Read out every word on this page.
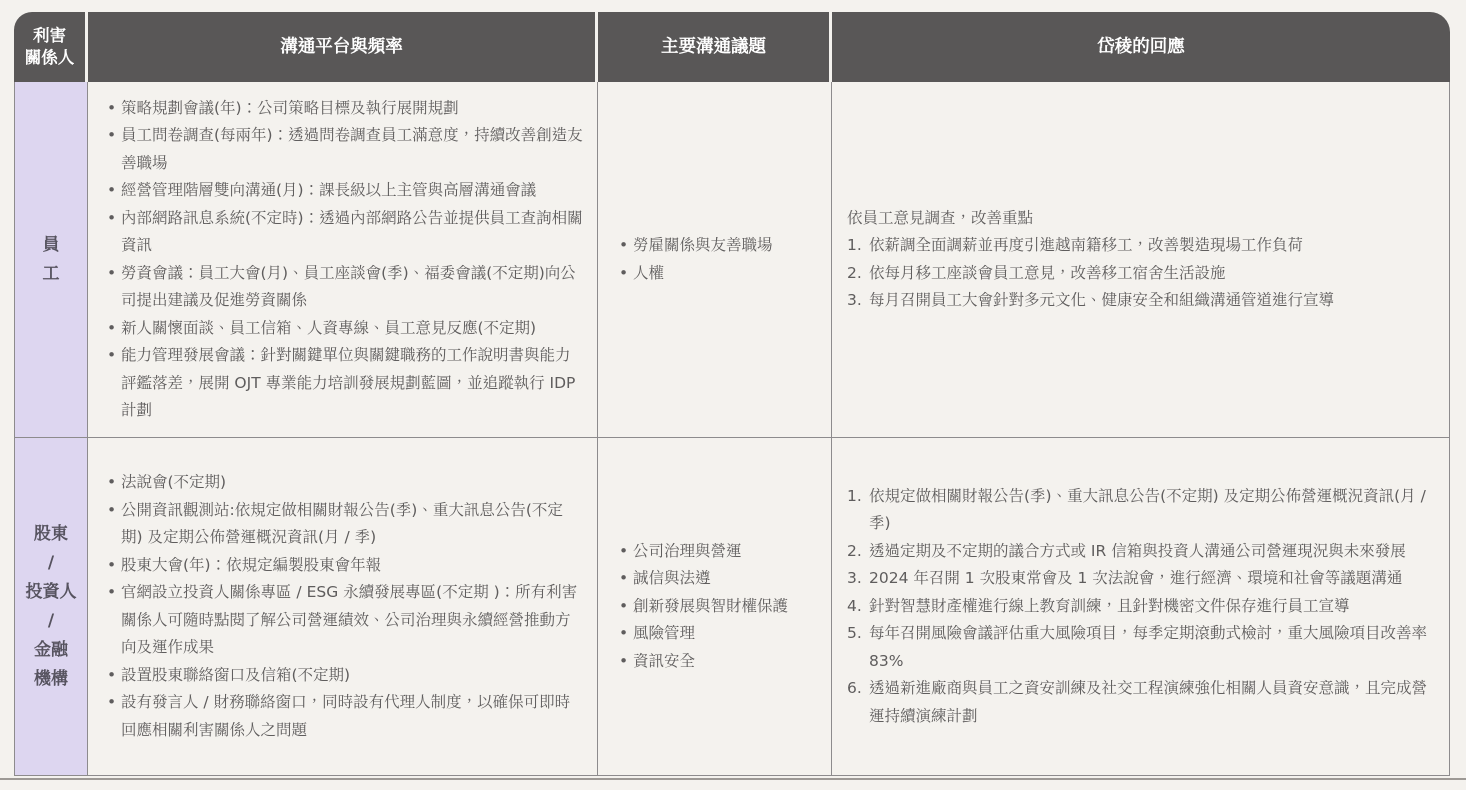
利害
關係人
溝通平台與頻率	主要溝通議題	岱稜的回應
員
工
• 策略規劃會議(年)：公司策略目標及執行展開規劃
• 員工問卷調查(每兩年)：透過問卷調查員工滿意度，持續改善創造友善職場
• 經營管理階層雙向溝通(月)：課長級以上主管與高層溝通會議
• 內部網路訊息系統(不定時)：透過內部網路公告並提供員工查詢相關資訊
• 勞資會議：員工大會(月)、員工座談會(季)、福委會議(不定期)向公司提出建議及促進勞資關係
• 新人關懷面談、員工信箱、人資專線、員工意見反應(不定期)
• 能力管理發展會議：針對關鍵單位與關鍵職務的工作說明書與能力評鑑落差，展開 OJT 專業能力培訓發展規劃藍圖，並追蹤執行 IDP 計劃
• 勞雇關係與友善職場
• 人權

依員工意見調查，改善重點

依薪調全面調薪並再度引進越南籍移工，改善製造現場工作負荷
依每月移工座談會員工意見，改善移工宿舍生活設施
每月召開員工大會針對多元文化、健康安全和組織溝通管道進行宣導
股東
/
投資人
/
金融
機構
• 法說會(不定期)
• 公開資訊觀測站:依規定做相關財報公告(季)、重大訊息公告(不定期) 及定期公佈營運概況資訊(月 / 季)
• 股東大會(年)：依規定編製股東會年報
• 官網設立投資人關係專區 / ESG 永續發展專區(不定期 )：所有利害關係人可隨時點閱了解公司營運績效、公司治理與永續經營推動方向及運作成果
• 設置股東聯絡窗口及信箱(不定期)
• 設有發言人 / 財務聯絡窗口，同時設有代理人制度，以確保可即時回應相關利害關係人之問題
• 公司治理與營運
• 誠信與法遵
• 創新發展與智財權保護
• 風險管理
• 資訊安全
依規定做相關財報公告(季)、重大訊息公告(不定期) 及定期公佈營運概況資訊(月 / 季)
透過定期及不定期的議合方式或 IR 信箱與投資人溝通公司營運現況與未來發展
2024 年召開 1 次股東常會及 1 次法說會，進行經濟、環境和社會等議題溝通
針對智慧財產權進行線上教育訓練，且針對機密文件保存進行員工宣導
每年召開風險會議評估重大風險項目，每季定期滾動式檢討，重大風險項目改善率 83%
透過新進廠商與員工之資安訓練及社交工程演練強化相關人員資安意識，且完成營運持續演練計劃
